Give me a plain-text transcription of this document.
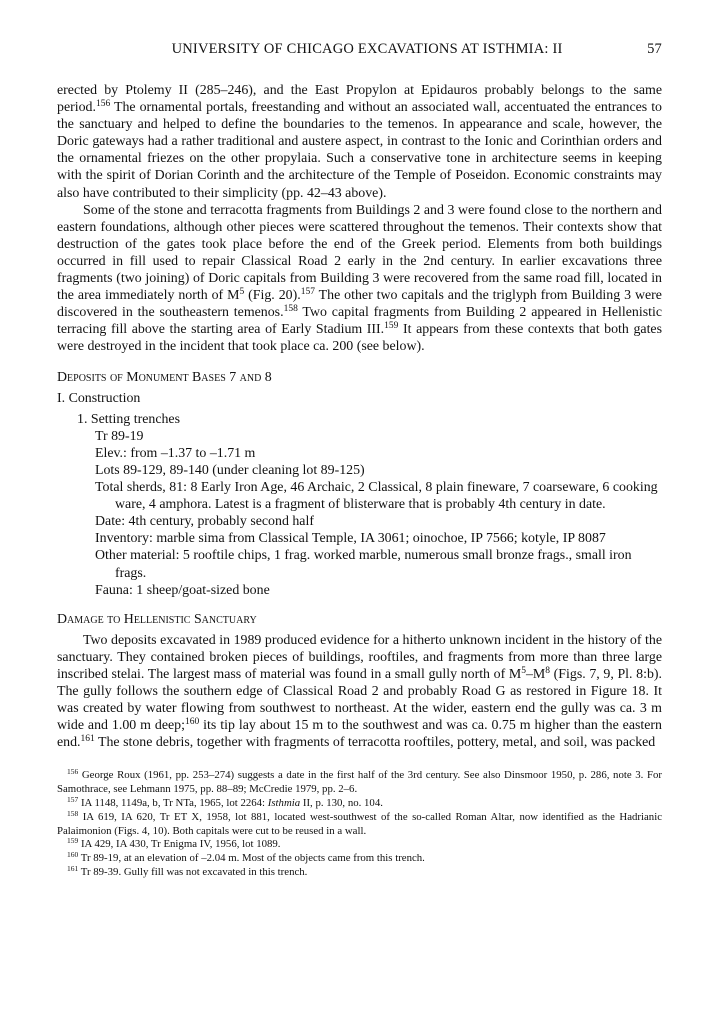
UNIVERSITY OF CHICAGO EXCAVATIONS AT ISTHMIA: II	57

erected by Ptolemy II (285–246), and the East Propylon at Epidauros probably belongs to the same period.$^{156}$ The ornamental portals, freestanding and without an associated wall, accentuated the entrances to the sanctuary and helped to define the boundaries to the temenos. In appearance and scale, however, the Doric gateways had a rather traditional and austere aspect, in contrast to the Ionic and Corinthian orders and the ornamental friezes on the other propylaia. Such a conservative tone in architecture seems in keeping with the spirit of Dorian Corinth and the architecture of the Temple of Poseidon. Economic constraints may also have contributed to their simplicity (pp. 42–43 above).

Some of the stone and terracotta fragments from Buildings 2 and 3 were found close to the northern and eastern foundations, although other pieces were scattered throughout the temenos. Their contexts show that destruction of the gates took place before the end of the Greek period. Elements from both buildings occurred in fill used to repair Classical Road 2 early in the 2nd century. In earlier excavations three fragments (two joining) of Doric capitals from Building 3 were recovered from the same road fill, located in the area immediately north of $M^5$ (Fig. 20).$^{157}$ The other two capitals and the triglyph from Building 3 were discovered in the southeastern temenos.$^{158}$ Two capital fragments from Building 2 appeared in Hellenistic terracing fill above the starting area of Early Stadium III.$^{159}$ It appears from these contexts that both gates were destroyed in the incident that took place ca. 200 (see below).

Deposits of Monument Bases 7 and 8

I. Construction

1. Setting trenches

Tr 89-19

Elev.: from –1.37 to –1.71 m

Lots 89-129, 89-140 (under cleaning lot 89-125)

Total sherds, 81: 8 Early Iron Age, 46 Archaic, 2 Classical, 8 plain fineware, 7 coarseware, 6 cooking ware, 4 amphora. Latest is a fragment of blisterware that is probably 4th century in date.

Date: 4th century, probably second half

Inventory: marble sima from Classical Temple, IA 3061; oinochoe, IP 7566; kotyle, IP 8087

Other material: 5 rooftile chips, 1 frag. worked marble, numerous small bronze frags., small iron frags.

Fauna: 1 sheep/goat-sized bone

Damage to Hellenistic Sanctuary

Two deposits excavated in 1989 produced evidence for a hitherto unknown incident in the history of the sanctuary. They contained broken pieces of buildings, rooftiles, and fragments from more than three large inscribed stelai. The largest mass of material was found in a small gully north of $M^5-M^8$ (Figs. 7, 9, Pl. 8:b). The gully follows the southern edge of Classical Road 2 and probably Road G as restored in Figure 18. It was created by water flowing from southwest to northeast. At the wider, eastern end the gully was ca. 3 m wide and 1.00 m deep;$^{160}$ its tip lay about 15 m to the southwest and was ca. 0.75 m higher than the eastern end.$^{161}$ The stone debris, together with fragments of terracotta rooftiles, pottery, metal, and soil, was packed

$^{156}$ George Roux (1961, pp. 253–274) suggests a date in the first half of the 3rd century. See also Dinsmoor 1950, p. 286, note 3. For Samothrace, see Lehmann 1975, pp. 88–89; McCredie 1979, pp. 2–6.

$^{157}$ IA 1148, 1149a, b, Tr NTa, 1965, lot 2264: Isthmia II, p. 130, no. 104.

$^{158}$ IA 619, IA 620, Tr ET X, 1958, lot 881, located west-southwest of the so-called Roman Altar, now identified as the Hadrianic Palaimonion (Figs. 4, 10). Both capitals were cut to be reused in a wall.

$^{159}$ IA 429, IA 430, Tr Enigma IV, 1956, lot 1089.

$^{160}$ Tr 89-19, at an elevation of –2.04 m. Most of the objects came from this trench.

$^{161}$ Tr 89-39. Gully fill was not excavated in this trench.
